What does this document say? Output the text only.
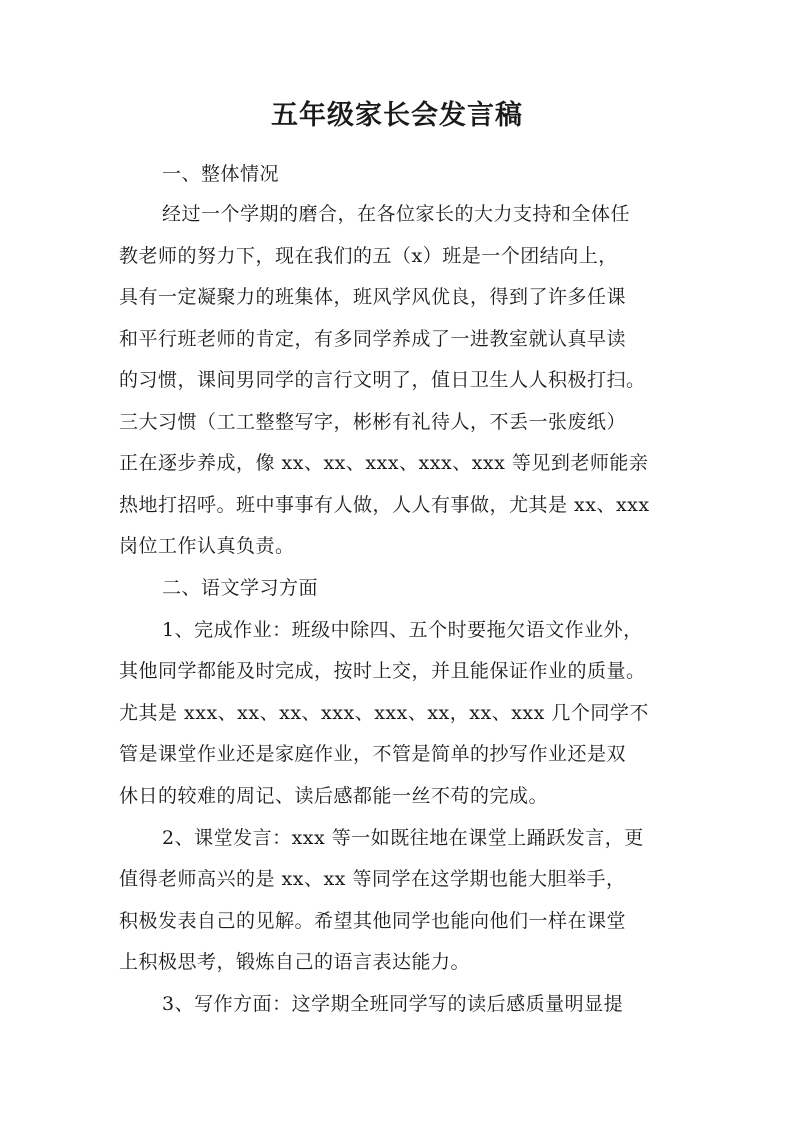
五年级家长会发言稿
一、整体情况
经过一个学期的磨合，在各位家长的大力支持和全体任
教老师的努力下，现在我们的五（x）班是一个团结向上，
具有一定凝聚力的班集体，班风学风优良，得到了许多任课
和平行班老师的肯定，有多同学养成了一进教室就认真早读
的习惯，课间男同学的言行文明了，值日卫生人人积极打扫。
三大习惯（工工整整写字，彬彬有礼待人，不丢一张废纸）
正在逐步养成，像 xx、xx、xxx、xxx、xxx 等见到老师能亲
热地打招呼。班中事事有人做，人人有事做，尤其是 xx、xxx
岗位工作认真负责。
二、语文学习方面
1、完成作业：班级中除四、五个时要拖欠语文作业外，
其他同学都能及时完成，按时上交，并且能保证作业的质量。
尤其是 xxx、xx、xx、xxx、xxx、xx，xx、xxx 几个同学不
管是课堂作业还是家庭作业，不管是简单的抄写作业还是双
休日的较难的周记、读后感都能一丝不苟的完成。
2、课堂发言：xxx 等一如既往地在课堂上踊跃发言，更
值得老师高兴的是 xx、xx 等同学在这学期也能大胆举手，
积极发表自己的见解。希望其他同学也能向他们一样在课堂
上积极思考，锻炼自己的语言表达能力。
3、写作方面：这学期全班同学写的读后感质量明显提
